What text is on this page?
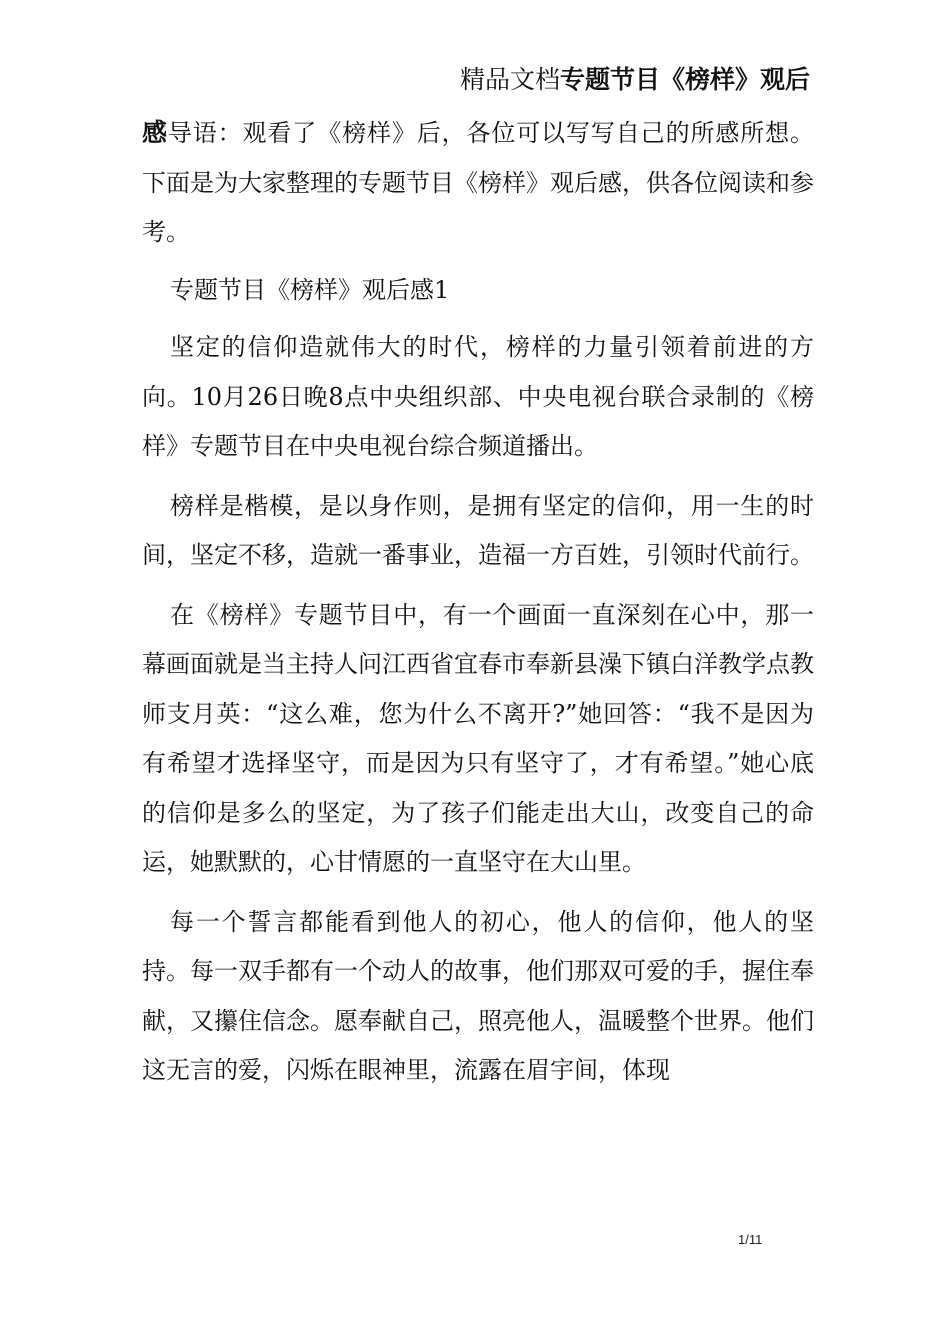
精品文档专题节目《榜样》观后

感导语：观看了《榜样》后，各位可以写写自己的所感所想。下面是为大家整理的专题节目《榜样》观后感，供各位阅读和参考。

专题节目《榜样》观后感1

坚定的信仰造就伟大的时代，榜样的力量引领着前进的方向。10月26日晚8点中央组织部、中央电视台联合录制的《榜样》专题节目在中央电视台综合频道播出。

榜样是楷模，是以身作则，是拥有坚定的信仰，用一生的时间，坚定不移，造就一番事业，造福一方百姓，引领时代前行。

在《榜样》专题节目中，有一个画面一直深刻在心中，那一幕画面就是当主持人问江西省宜春市奉新县澡下镇白洋教学点教师支月英：“这么难，您为什么不离开?”她回答：“我不是因为有希望才选择坚守，而是因为只有坚守了，才有希望。”她心底的信仰是多么的坚定，为了孩子们能走出大山，改变自己的命运，她默默的，心甘情愿的一直坚守在大山里。

每一个誓言都能看到他人的初心，他人的信仰，他人的坚持。每一双手都有一个动人的故事，他们那双可爱的手，握住奉献，又攥住信念。愿奉献自己，照亮他人，温暖整个世界。他们这无言的爱，闪烁在眼神里，流露在眉宇间，体现

1/11
